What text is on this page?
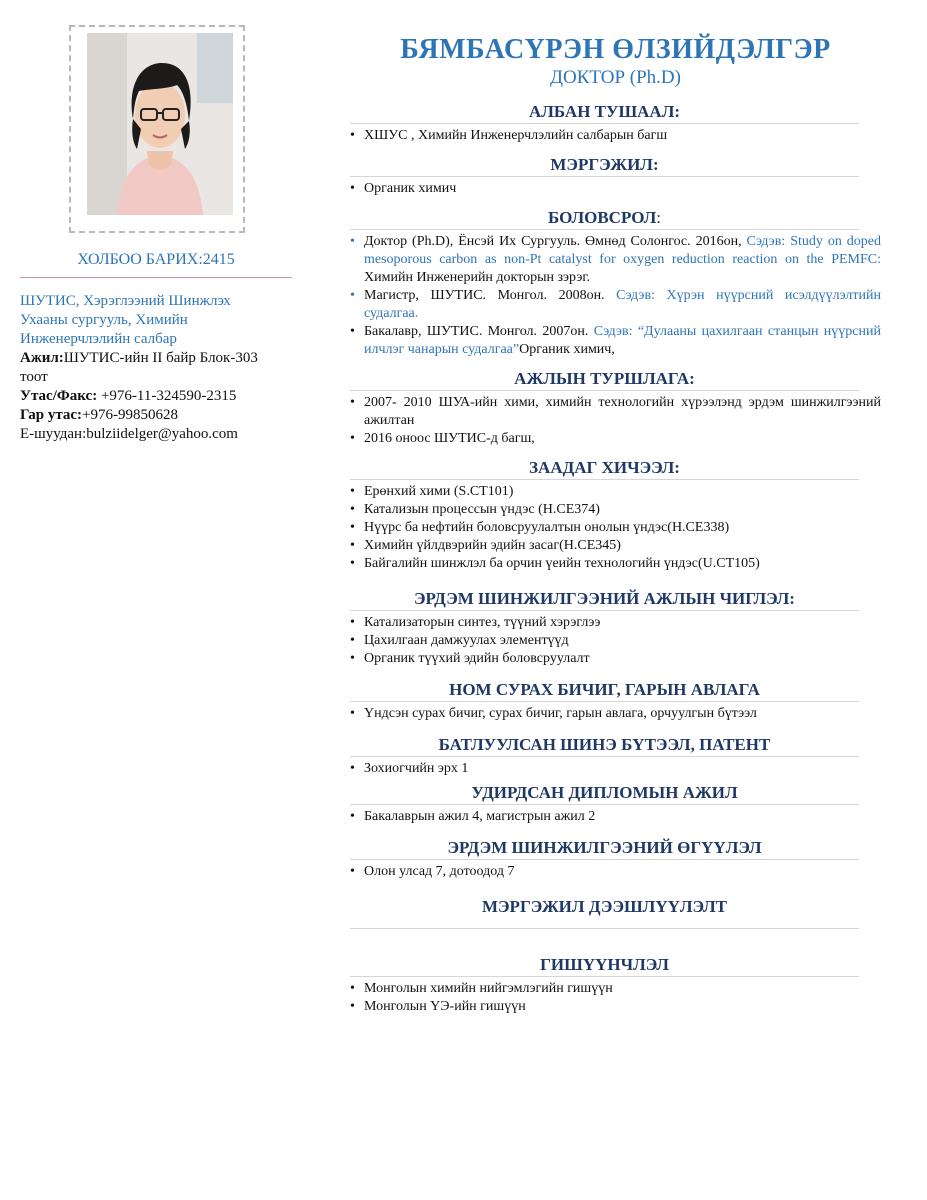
ХОЛБОО БАРИХ:2415

ШУТИС, Хэрэглээний Шинжлэх

Ухааны сургууль, Химийн

Инженерчлэлийн салбар

Ажил:ШУТИС-ийн II байр Блок-303

тоот

Утас/Факс: +976-11-324590-2315

Гар утас:+976-99850628

E-шуудан:bulziidelger@yahoo.com

БЯМБАСҮРЭН ӨЛЗИЙДЭЛГЭР
ДОКТОР (Ph.D)
АЛБАН ТУШААЛ:
• ХШУС , Химийн Инженерчлэлийн салбарын багш
МЭРГЭЖИЛ:
• Органик химич
БОЛОВСРОЛ:
• Доктор (Ph.D), Ёнсэй Их Сургууль. Өмнөд Солонгос. 2016он, Сэдэв: Study on doped mesoporous carbon as non-Pt catalyst for oxygen reduction reaction on the PEMFC: Химийн Инженерийн докторын зэрэг.
• Магистр, ШУТИС. Монгол. 2008он. Сэдэв: Хүрэн нүүрсний исэлдүүлэлтийн судалгаа.
• Бакалавр, ШУТИС. Монгол. 2007он. Сэдэв: “Дулааны цахилгаан станцын нүүрсний илчлэг чанарын судалгаа”Органик химич,
АЖЛЫН ТУРШЛАГА:
• 2007- 2010 ШУА-ийн хими, химийн технологийн хүрээлэнд эрдэм шинжилгээний ажилтан
• 2016 оноос ШУТИС-д багш,
ЗААДАГ ХИЧЭЭЛ:
• Ерөнхий хими (S.CT101)
• Катализын процессын үндэс (H.CE374)
• Нүүрс ба нефтийн боловсруулалтын онолын үндэс(H.CE338)
• Химийн үйлдвэрийн эдийн засаг(H.CE345)
• Байгалийн шинжлэл ба орчин үеийн технологийн үндэс(U.CT105)
ЭРДЭМ ШИНЖИЛГЭЭНИЙ АЖЛЫН ЧИГЛЭЛ:
• Катализаторын синтез, түүний хэрэглээ
• Цахилгаан дамжуулах элементүүд
• Органик түүхий эдийн боловсруулалт
НОМ СУРАХ БИЧИГ, ГАРЫН АВЛАГА
• Үндсэн сурах бичиг, сурах бичиг, гарын авлага, орчуулгын бүтээл
БАТЛУУЛСАН ШИНЭ БҮТЭЭЛ, ПАТЕНТ
• Зохиогчийн эрх 1
УДИРДСАН ДИПЛОМЫН АЖИЛ
• Бакалаврын ажил 4, магистрын ажил 2
ЭРДЭМ ШИНЖИЛГЭЭНИЙ ӨГҮҮЛЭЛ
• Олон улсад 7, дотоодод 7
МЭРГЭЖИЛ ДЭЭШЛҮҮЛЭЛТ
ГИШҮҮНЧЛЭЛ
• Монголын химийн нийгэмлэгийн гишүүн
• Монголын ҮЭ-ийн гишүүн
